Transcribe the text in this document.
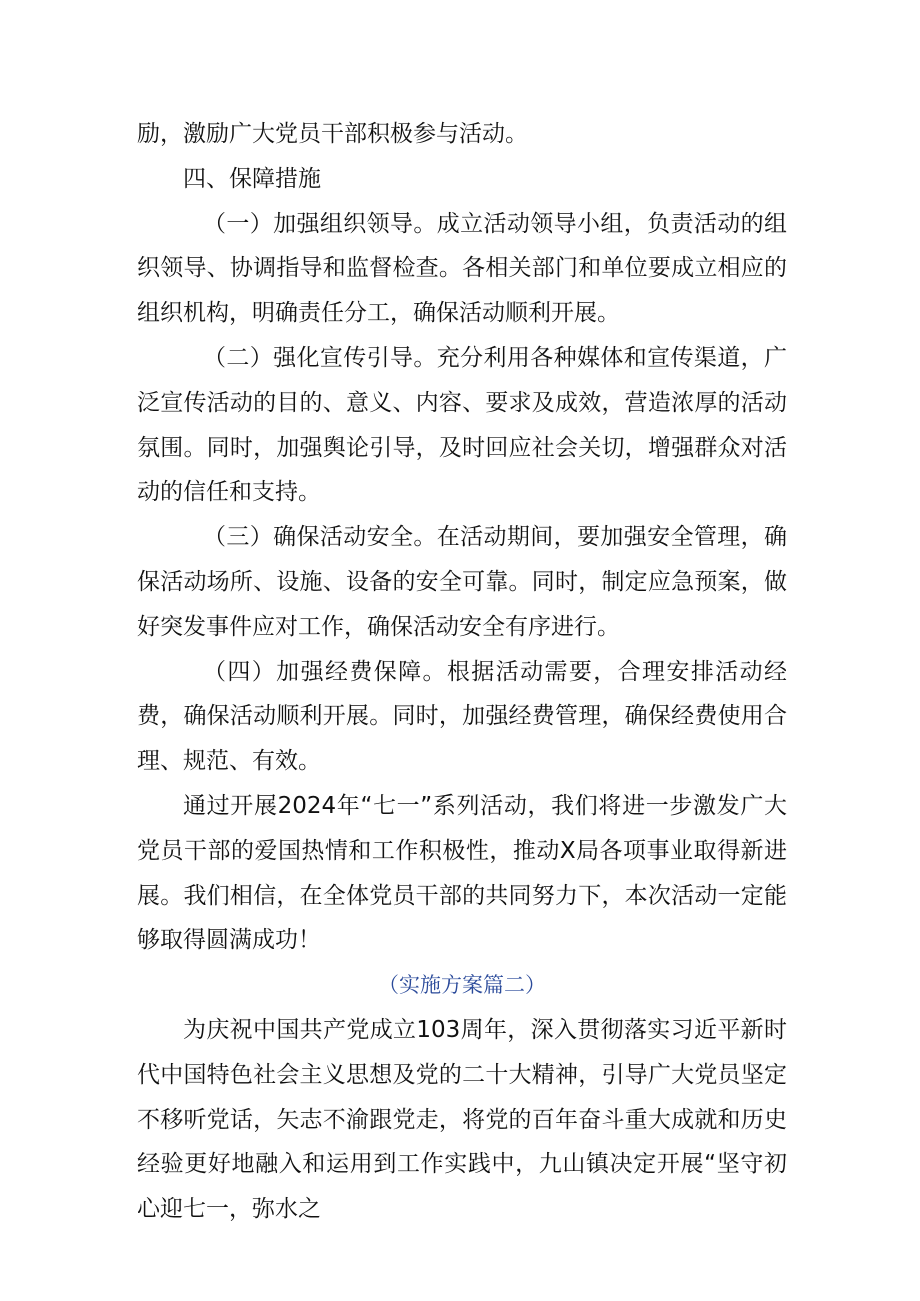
励，激励广大党员干部积极参与活动。

四、保障措施

（一）加强组织领导。成立活动领导小组，负责活动的组织领导、协调指导和监督检查。各相关部门和单位要成立相应的组织机构，明确责任分工，确保活动顺利开展。

（二）强化宣传引导。充分利用各种媒体和宣传渠道，广泛宣传活动的目的、意义、内容、要求及成效，营造浓厚的活动氛围。同时，加强舆论引导，及时回应社会关切，增强群众对活动的信任和支持。

（三）确保活动安全。在活动期间，要加强安全管理，确保活动场所、设施、设备的安全可靠。同时，制定应急预案，做好突发事件应对工作，确保活动安全有序进行。

（四）加强经费保障。根据活动需要，合理安排活动经费，确保活动顺利开展。同时，加强经费管理，确保经费使用合理、规范、有效。

通过开展2024年“七一”系列活动，我们将进一步激发广大党员干部的爱国热情和工作积极性，推动X局各项事业取得新进展。我们相信，在全体党员干部的共同努力下，本次活动一定能够取得圆满成功！

（实施方案篇二）

为庆祝中国共产党成立103周年，深入贯彻落实习近平新时代中国特色社会主义思想及党的二十大精神，引导广大党员坚定不移听党话，矢志不渝跟党走，将党的百年奋斗重大成就和历史经验更好地融入和运用到工作实践中，九山镇决定开展“坚守初心迎七一，弥水之
